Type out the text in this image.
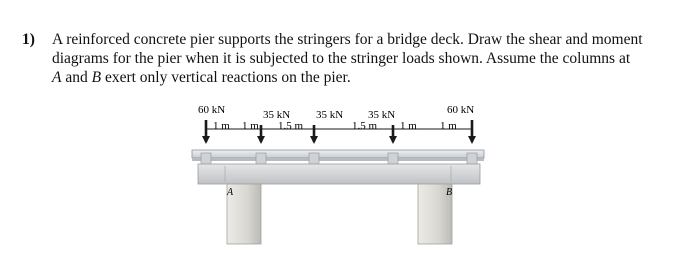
1) A reinforced concrete pier supports the stringers for a bridge deck. Draw the shear and moment
diagrams for the pier when it is subjected to the stringer loads shown. Assume the columns at
A and B exert only vertical reactions on the pier.
60 kN	35 kN 35 kN 35 kN	60 kN
1 m 1 m 1.5 m	1.5 m 1 m 1 m
A	B
